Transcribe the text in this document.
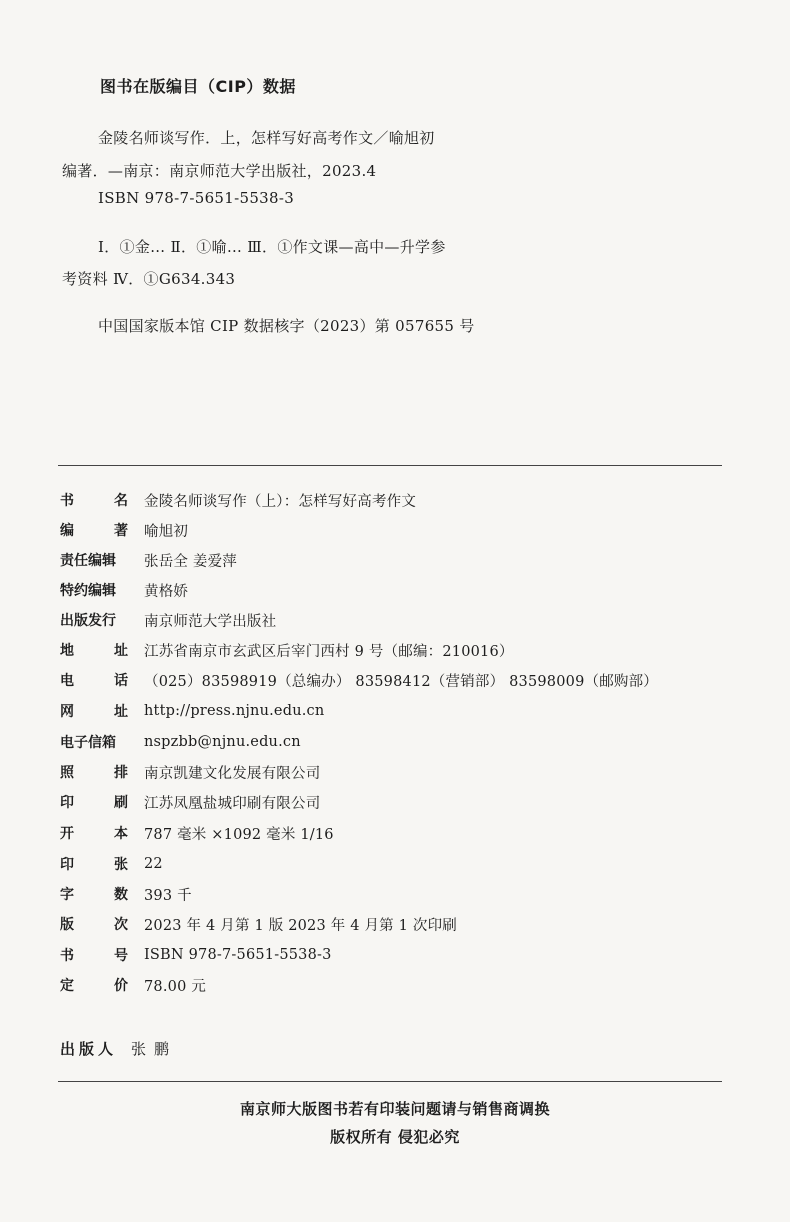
图书在版编目（CIP）数据
金陵名师谈写作．上，怎样写好高考作文／喻旭初
编著．—南京：南京师范大学出版社，2023.4
ISBN 978-7-5651-5538-3
Ⅰ．①金… Ⅱ．①喻… Ⅲ．①作文课—高中—升学参
考资料 Ⅳ．①G634.343
中国国家版本馆 CIP 数据核字（2023）第 057655 号
书	名 金陵名师谈写作（上）：怎样写好高考作文
编	著 喻旭初
责任编辑 张岳全 姜爱萍
特约编辑 黄格娇
出版发行 南京师范大学出版社
地	址 江苏省南京市玄武区后宰门西村 9 号（邮编：210016）
电	话 （025）83598919（总编办） 83598412（营销部） 83598009（邮购部）
网	址 http://press.njnu.edu.cn
电子信箱 nspzbb@njnu.edu.cn
照	排 南京凯建文化发展有限公司
印	刷 江苏凤凰盐城印刷有限公司
开	本 787 毫米 ×1092 毫米 1/16
印	张 22
字	数 393 千
版	次 2023 年 4 月第 1 版 2023 年 4 月第 1 次印刷
书	号 ISBN 978-7-5651-5538-3
定	价 78.00 元
出版人 张鹏
南京师大版图书若有印装问题请与销售商调换
版权所有 侵犯必究
